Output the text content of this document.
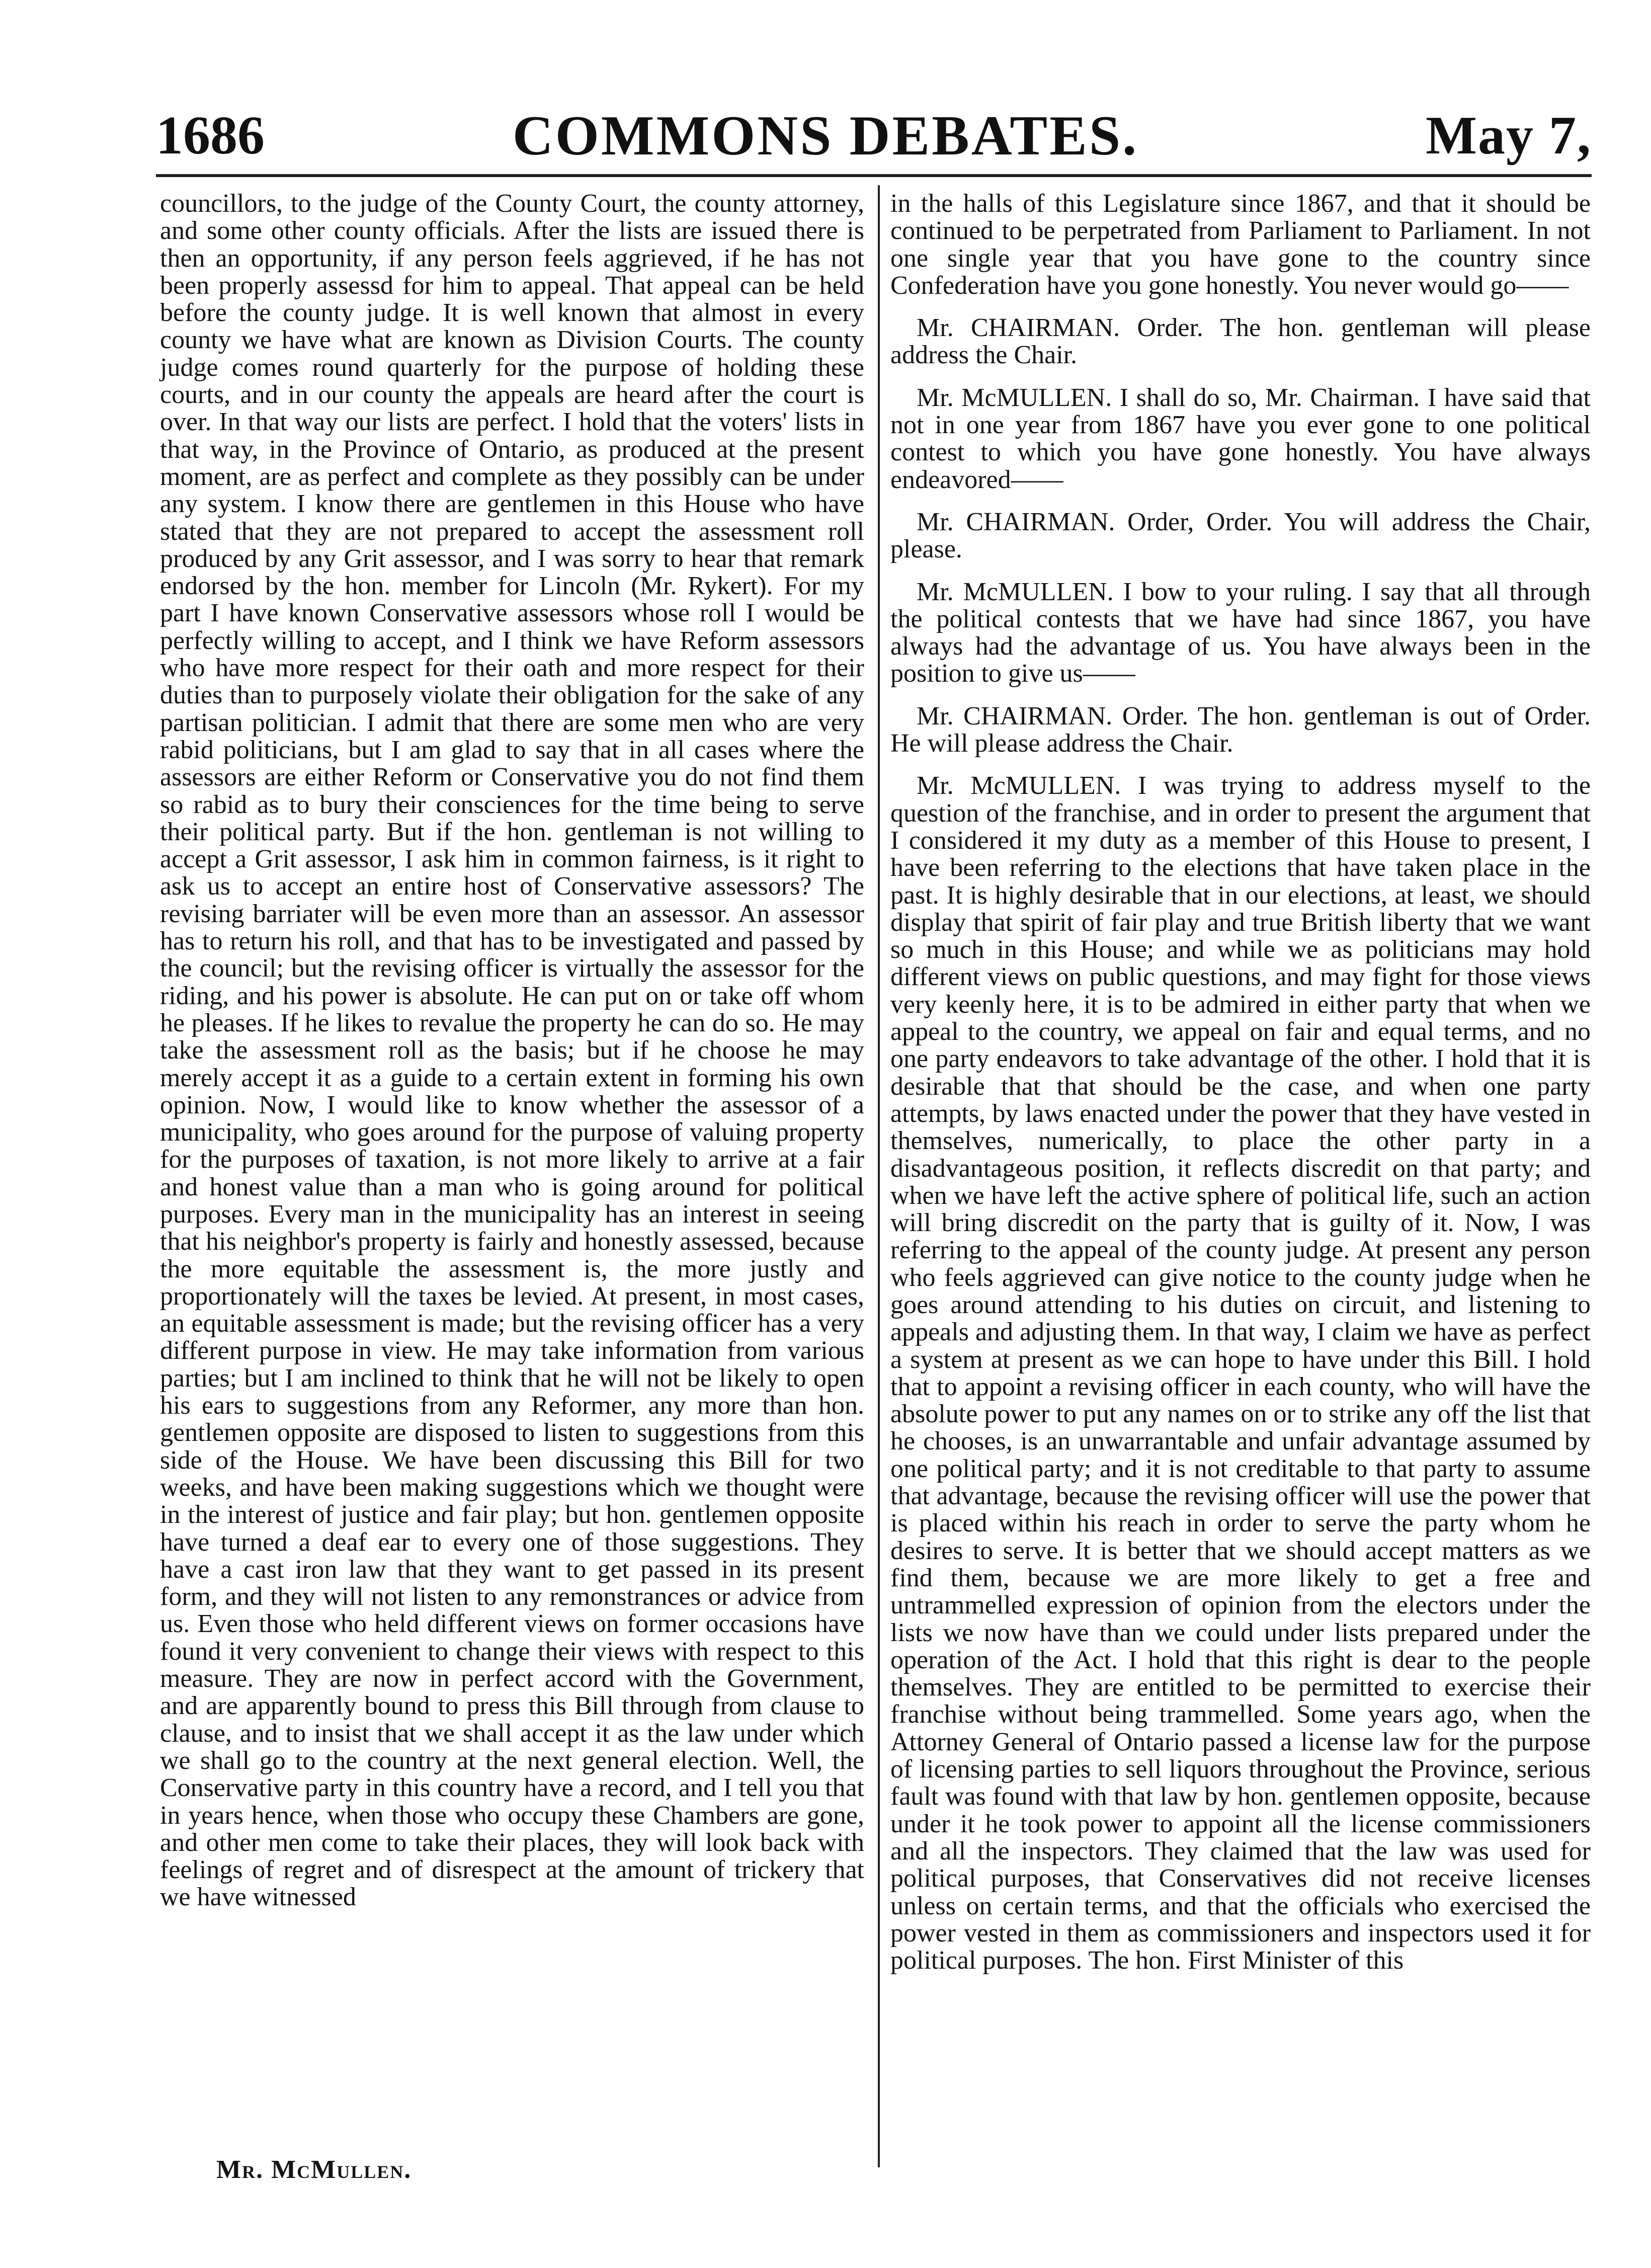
1686	COMMONS DEBATES.	May 7,

councillors, to the judge of the County Court, the county attorney, and some other county officials. After the lists are issued there is then an opportunity, if any person feels aggrieved, if he has not been properly assessd for him to appeal. That appeal can be held before the county judge. It is well known that almost in every county we have what are known as Division Courts. The county judge comes round quarterly for the purpose of holding these courts, and in our county the appeals are heard after the court is over. In that way our lists are perfect. I hold that the voters' lists in that way, in the Province of Ontario, as produced at the present moment, are as perfect and complete as they possibly can be under any system. I know there are gentlemen in this House who have stated that they are not prepared to accept the assessment roll produced by any Grit assessor, and I was sorry to hear that remark endorsed by the hon. member for Lincoln (Mr. Rykert). For my part I have known Conservative assessors whose roll I would be perfectly willing to accept, and I think we have Reform assessors who have more respect for their oath and more respect for their duties than to purposely violate their obligation for the sake of any partisan politician. I admit that there are some men who are very rabid politicians, but I am glad to say that in all cases where the assessors are either Reform or Conservative you do not find them so rabid as to bury their consciences for the time being to serve their political party. But if the hon. gentleman is not willing to accept a Grit assessor, I ask him in common fairness, is it right to ask us to accept an entire host of Conservative assessors? The revising barriater will be even more than an assessor. An assessor has to return his roll, and that has to be investigated and passed by the council; but the revising officer is virtually the assessor for the riding, and his power is absolute. He can put on or take off whom he pleases. If he likes to revalue the property he can do so. He may take the assessment roll as the basis; but if he choose he may merely accept it as a guide to a certain extent in forming his own opinion. Now, I would like to know whether the assessor of a municipality, who goes around for the purpose of valuing property for the purposes of taxation, is not more likely to arrive at a fair and honest value than a man who is going around for political purposes. Every man in the municipality has an interest in seeing that his neighbor's property is fairly and honestly assessed, because the more equitable the assessment is, the more justly and proportionately will the taxes be levied. At present, in most cases, an equitable assessment is made; but the revising officer has a very different purpose in view. He may take information from various parties; but I am inclined to think that he will not be likely to open his ears to suggestions from any Reformer, any more than hon. gentlemen opposite are disposed to listen to suggestions from this side of the House. We have been discussing this Bill for two weeks, and have been making suggestions which we thought were in the interest of justice and fair play; but hon. gentlemen opposite have turned a deaf ear to every one of those suggestions. They have a cast iron law that they want to get passed in its present form, and they will not listen to any remonstrances or advice from us. Even those who held different views on former occasions have found it very convenient to change their views with respect to this measure. They are now in perfect accord with the Government, and are apparently bound to press this Bill through from clause to clause, and to insist that we shall accept it as the law under which we shall go to the country at the next general election. Well, the Conservative party in this country have a record, and I tell you that in years hence, when those who occupy these Chambers are gone, and other men come to take their places, they will look back with feelings of regret and of disrespect at the amount of trickery that we have witnessed

in the halls of this Legislature since 1867, and that it should be continued to be perpetrated from Parliament to Parliament. In not one single year that you have gone to the country since Confederation have you gone honestly. You never would go——

Mr. CHAIRMAN. Order. The hon. gentleman will please address the Chair.

Mr. McMULLEN. I shall do so, Mr. Chairman. I have said that not in one year from 1867 have you ever gone to one political contest to which you have gone honestly. You have always endeavored——

Mr. CHAIRMAN. Order, Order. You will address the Chair, please.

Mr. McMULLEN. I bow to your ruling. I say that all through the political contests that we have had since 1867, you have always had the advantage of us. You have always been in the position to give us——

Mr. CHAIRMAN. Order. The hon. gentleman is out of Order. He will please address the Chair.

Mr. McMULLEN. I was trying to address myself to the question of the franchise, and in order to present the argument that I considered it my duty as a member of this House to present, I have been referring to the elections that have taken place in the past. It is highly desirable that in our elections, at least, we should display that spirit of fair play and true British liberty that we want so much in this House; and while we as politicians may hold different views on public questions, and may fight for those views very keenly here, it is to be admired in either party that when we appeal to the country, we appeal on fair and equal terms, and no one party endeavors to take advantage of the other. I hold that it is desirable that that should be the case, and when one party attempts, by laws enacted under the power that they have vested in themselves, numerically, to place the other party in a disadvantageous position, it reflects discredit on that party; and when we have left the active sphere of political life, such an action will bring discredit on the party that is guilty of it. Now, I was referring to the appeal of the county judge. At present any person who feels aggrieved can give notice to the county judge when he goes around attending to his duties on circuit, and listening to appeals and adjusting them. In that way, I claim we have as perfect a system at present as we can hope to have under this Bill. I hold that to appoint a revising officer in each county, who will have the absolute power to put any names on or to strike any off the list that he chooses, is an unwarrantable and unfair advantage assumed by one political party; and it is not creditable to that party to assume that advantage, because the revising officer will use the power that is placed within his reach in order to serve the party whom he desires to serve. It is better that we should accept matters as we find them, because we are more likely to get a free and untrammelled expression of opinion from the electors under the lists we now have than we could under lists prepared under the operation of the Act. I hold that this right is dear to the people themselves. They are entitled to be permitted to exercise their franchise without being trammelled. Some years ago, when the Attorney General of Ontario passed a license law for the purpose of licensing parties to sell liquors throughout the Province, serious fault was found with that law by hon. gentlemen opposite, because under it he took power to appoint all the license commissioners and all the inspectors. They claimed that the law was used for political purposes, that Conservatives did not receive licenses unless on certain terms, and that the officials who exercised the power vested in them as commissioners and inspectors used it for political purposes. The hon. First Minister of this

Mr. McMullen.
